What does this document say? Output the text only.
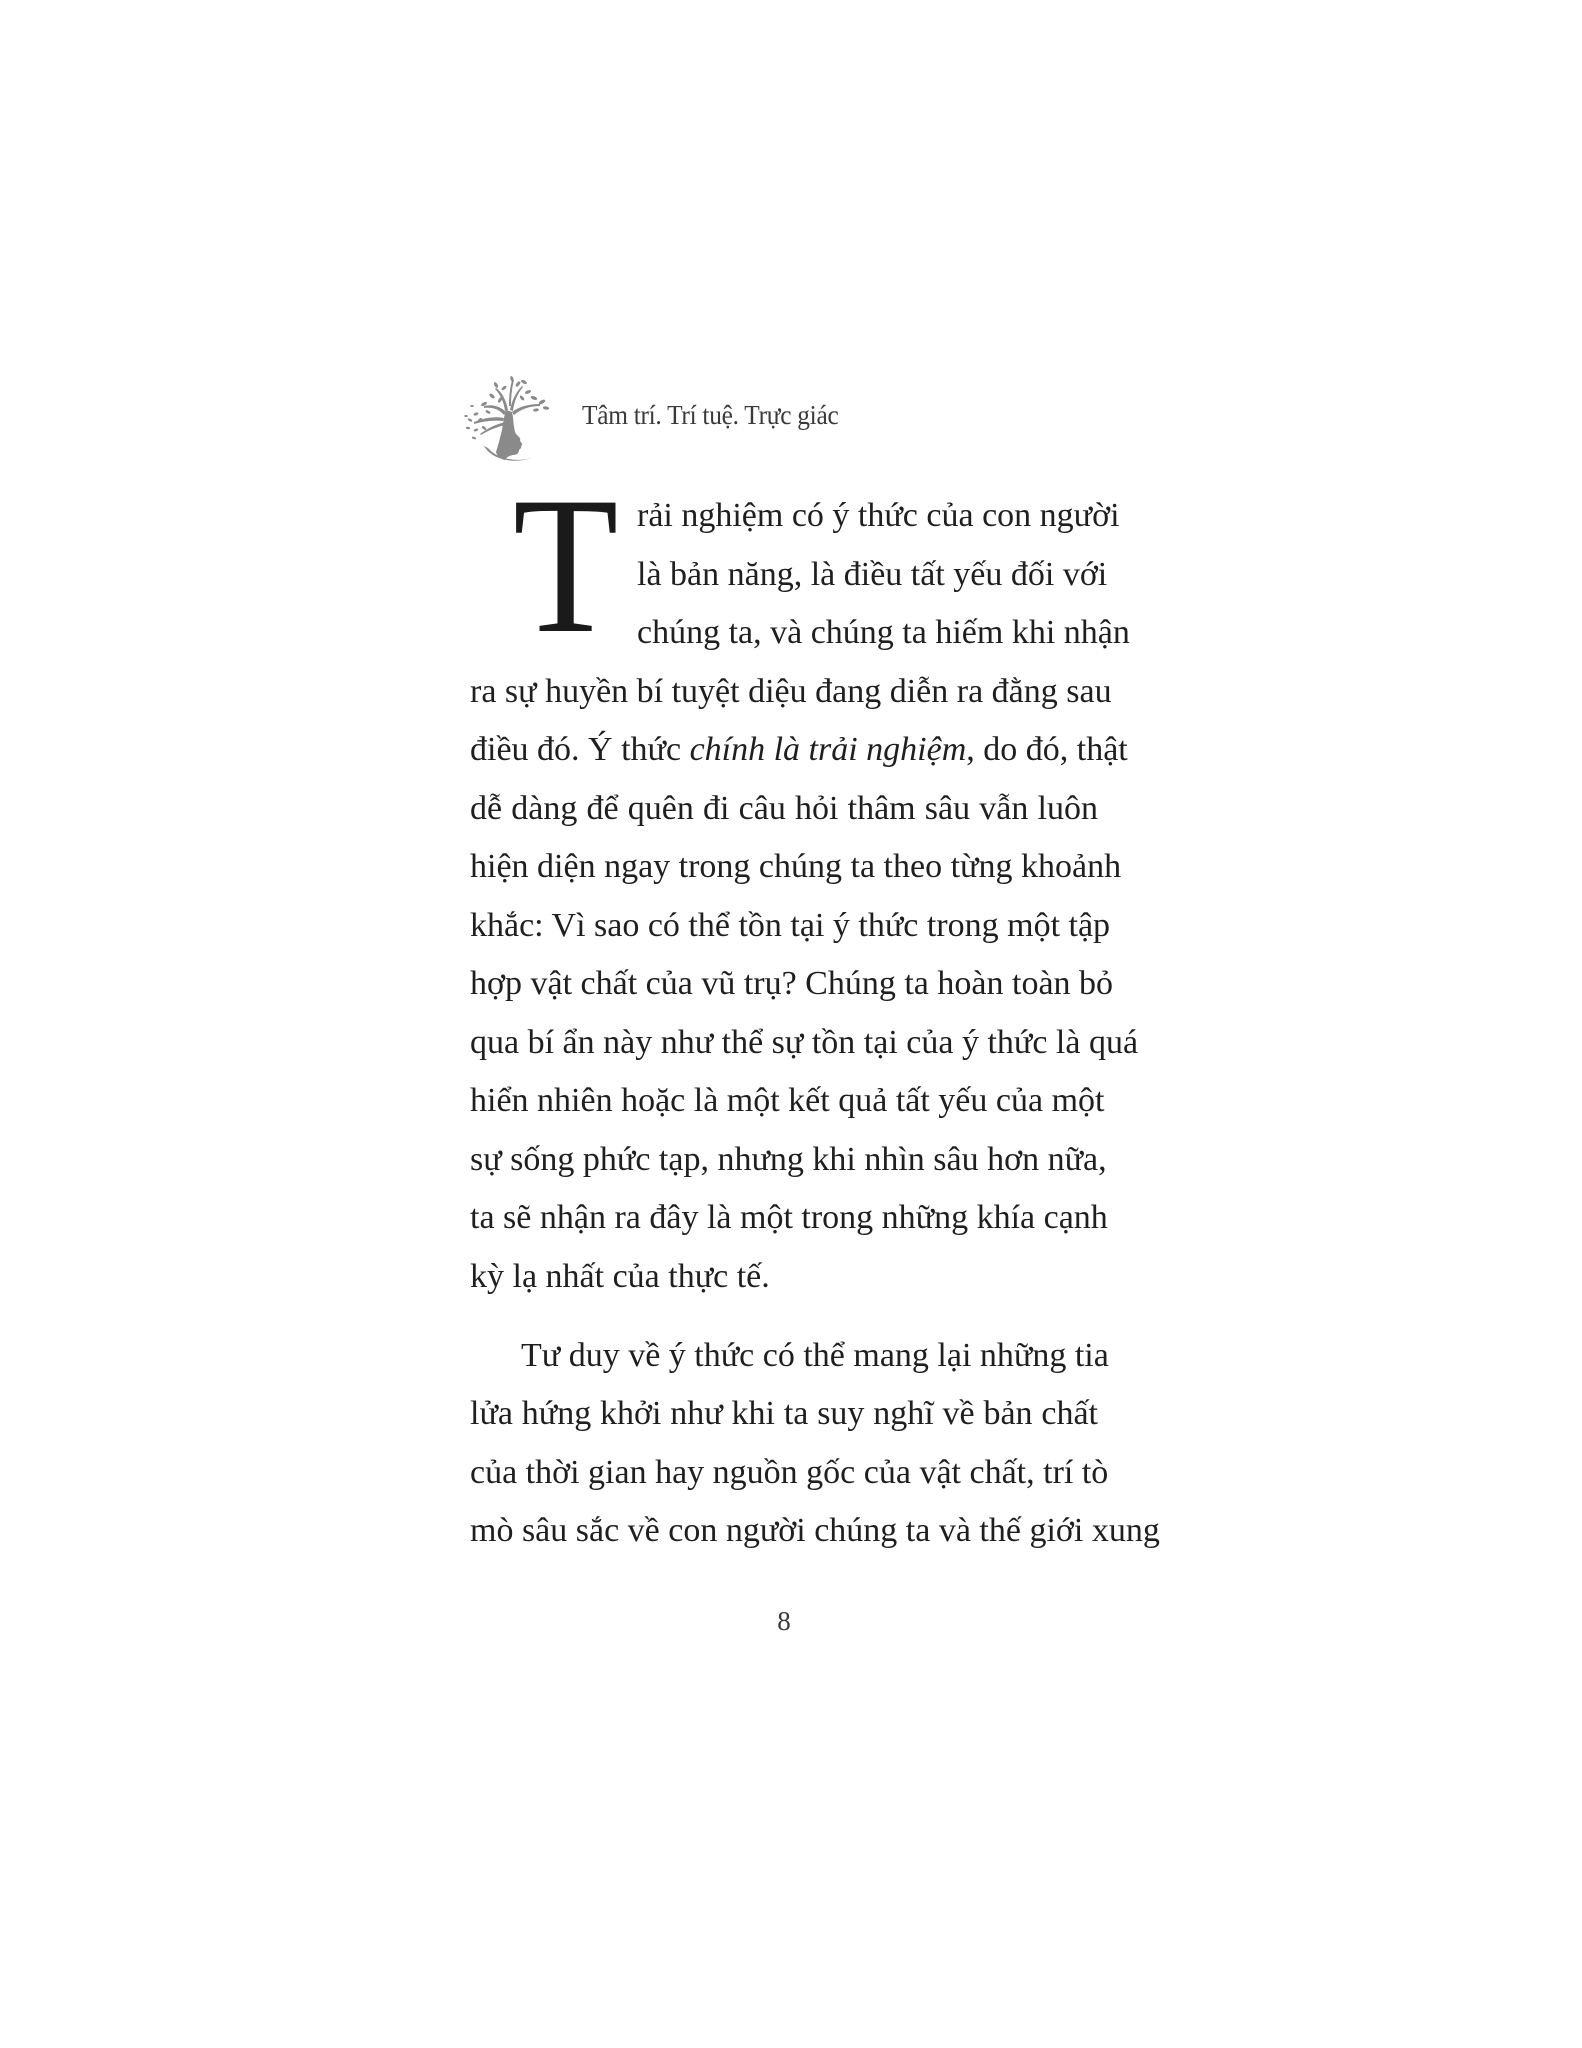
Tâm trí. Trí tuệ. Trực giác
T rải nghiệm có ý thức của con người
là bản năng, là điều tất yếu đối với
chúng ta, và chúng ta hiếm khi nhận
ra sự huyền bí tuyệt diệu đang diễn ra đằng sau
điều đó. Ý thức chính là trải nghiệm, do đó, thật
dễ dàng để quên đi câu hỏi thâm sâu vẫn luôn
hiện diện ngay trong chúng ta theo từng khoảnh
khắc: Vì sao có thể tồn tại ý thức trong một tập
hợp vật chất của vũ trụ? Chúng ta hoàn toàn bỏ
qua bí ẩn này như thể sự tồn tại của ý thức là quá
hiển nhiên hoặc là một kết quả tất yếu của một
sự sống phức tạp, nhưng khi nhìn sâu hơn nữa,
ta sẽ nhận ra đây là một trong những khía cạnh
kỳ lạ nhất của thực tế.
Tư duy về ý thức có thể mang lại những tia
lửa hứng khởi như khi ta suy nghĩ về bản chất
của thời gian hay nguồn gốc của vật chất, trí tò
mò sâu sắc về con người chúng ta và thế giới xung
8
